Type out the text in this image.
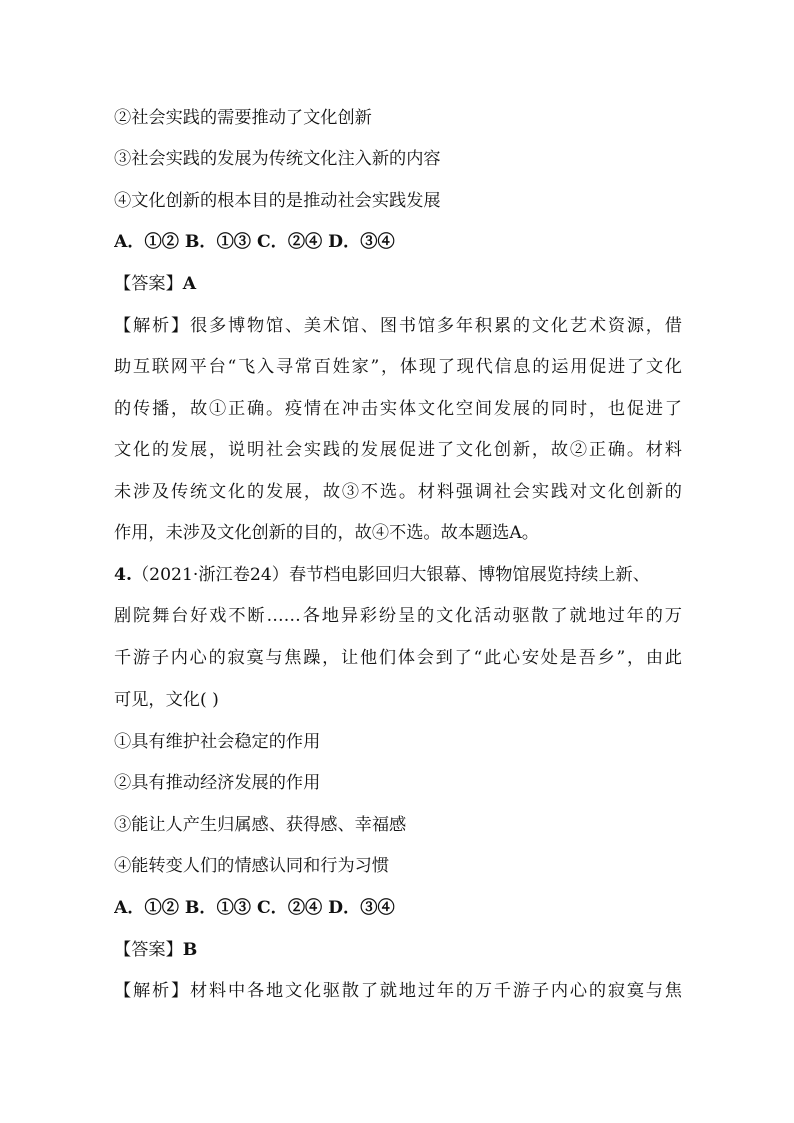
②社会实践的需要推动了文化创新
③社会实践的发展为传统文化注入新的内容
④文化创新的根本目的是推动社会实践发展
A．①② B．①③ C．②④ D．③④
【答案】A
【解析】很多博物馆、美术馆、图书馆多年积累的文化艺术资源，借
助互联网平台“飞入寻常百姓家”，体现了现代信息的运用促进了文化
的传播，故①正确。疫情在冲击实体文化空间发展的同时，也促进了
文化的发展，说明社会实践的发展促进了文化创新，故②正确。材料
未涉及传统文化的发展，故③不选。材料强调社会实践对文化创新的
作用，未涉及文化创新的目的，故④不选。故本题选A。
4.（2021·浙江卷24）春节档电影回归大银幕、博物馆展览持续上新、
剧院舞台好戏不断……各地异彩纷呈的文化活动驱散了就地过年的万
千游子内心的寂寞与焦躁，让他们体会到了“此心安处是吾乡”，由此
可见，文化( )
①具有维护社会稳定的作用
②具有推动经济发展的作用
③能让人产生归属感、获得感、幸福感
④能转变人们的情感认同和行为习惯
A．①② B．①③ C．②④ D．③④
【答案】B
【解析】材料中各地文化驱散了就地过年的万千游子内心的寂寞与焦
